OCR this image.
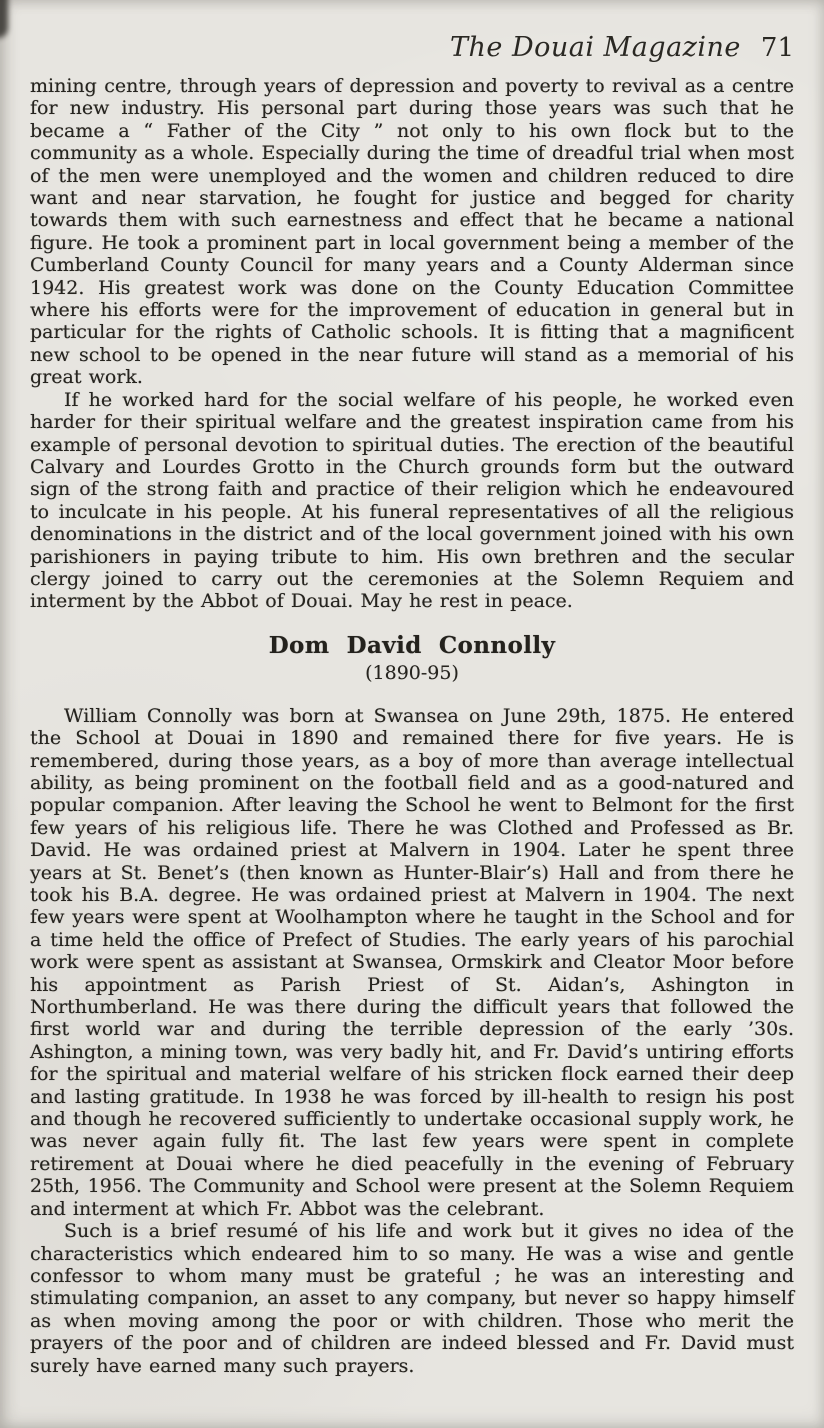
The Douai Magazine 71

mining centre, through years of depression and poverty to revival as a centre for new industry. His personal part during those years was such that he became a “ Father of the City ” not only to his own flock but to the community as a whole. Especially during the time of dreadful trial when most of the men were unemployed and the women and children reduced to dire want and near starvation, he fought for justice and begged for charity towards them with such earnestness and effect that he became a national figure. He took a prominent part in local government being a member of the Cumberland County Council for many years and a County Alderman since 1942. His greatest work was done on the County Education Committee where his efforts were for the improvement of education in general but in particular for the rights of Catholic schools. It is fitting that a magnificent new school to be opened in the near future will stand as a memorial of his great work.

If he worked hard for the social welfare of his people, he worked even harder for their spiritual welfare and the greatest inspiration came from his example of personal devotion to spiritual duties. The erection of the beautiful Calvary and Lourdes Grotto in the Church grounds form but the outward sign of the strong faith and practice of their religion which he endeavoured to inculcate in his people. At his funeral representatives of all the religious denominations in the district and of the local government joined with his own parishioners in paying tribute to him. His own brethren and the secular clergy joined to carry out the ceremonies at the Solemn Requiem and interment by the Abbot of Douai. May he rest in peace.

Dom David Connolly
(1890-95)

William Connolly was born at Swansea on June 29th, 1875. He entered the School at Douai in 1890 and remained there for five years. He is remembered, during those years, as a boy of more than average intellectual ability, as being prominent on the football field and as a good-natured and popular companion. After leaving the School he went to Belmont for the first few years of his religious life. There he was Clothed and Professed as Br. David. He was ordained priest at Malvern in 1904. Later he spent three years at St. Benet’s (then known as Hunter-Blair’s) Hall and from there he took his B.A. degree. He was ordained priest at Malvern in 1904. The next few years were spent at Woolhampton where he taught in the School and for a time held the office of Prefect of Studies. The early years of his parochial work were spent as assistant at Swansea, Ormskirk and Cleator Moor before his appointment as Parish Priest of St. Aidan’s, Ashington in Northumberland. He was there during the difficult years that followed the first world war and during the terrible depression of the early ’30s. Ashington, a mining town, was very badly hit, and Fr. David’s untiring efforts for the spiritual and material welfare of his stricken flock earned their deep and lasting gratitude. In 1938 he was forced by ill-health to resign his post and though he recovered sufficiently to undertake occasional supply work, he was never again fully fit. The last few years were spent in complete retirement at Douai where he died peacefully in the evening of February 25th, 1956. The Community and School were present at the Solemn Requiem and interment at which Fr. Abbot was the celebrant.

Such is a brief resumé of his life and work but it gives no idea of the characteristics which endeared him to so many. He was a wise and gentle confessor to whom many must be grateful ; he was an interesting and stimulating companion, an asset to any company, but never so happy himself as when moving among the poor or with children. Those who merit the prayers of the poor and of children are indeed blessed and Fr. David must surely have earned many such prayers.
